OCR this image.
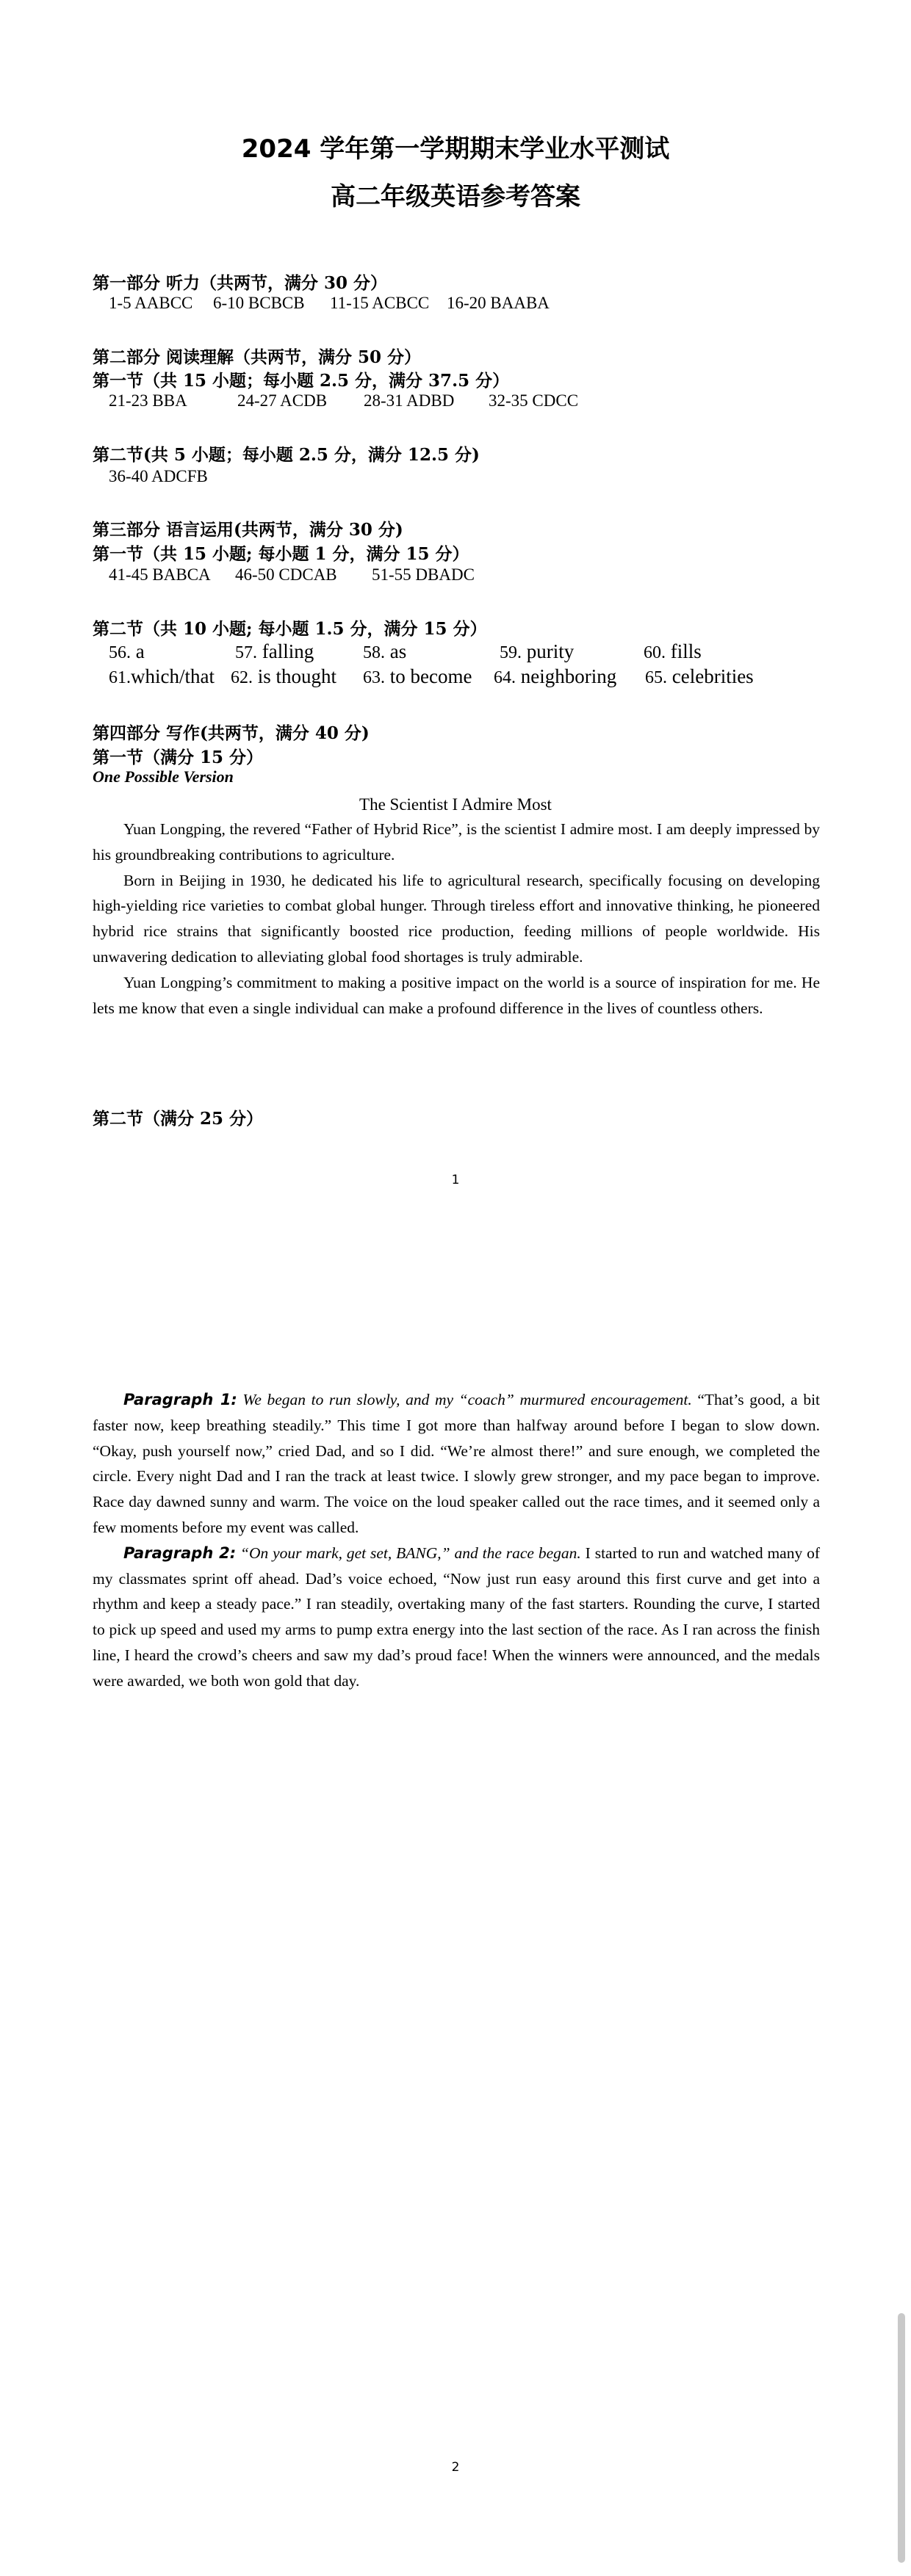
2024 学年第一学期期末学业水平测试
高二年级英语参考答案
第一部分 听力（共两节，满分 30 分）
1-5 AABCC 6-10 BCBCB 11-15 ACBCC 16-20 BAABA
第二部分 阅读理解（共两节，满分 50 分）
第一节（共 15 小题；每小题 2.5 分，满分 37.5 分）
21-23 BBA	24-27 ACDB 28-31 ADBD 32-35 CDCC
第二节(共 5 小题；每小题 2.5 分，满分 12.5 分)
36-40 ADCFB
第三部分 语言运用(共两节，满分 30 分)
第一节（共 15 小题; 每小题 1 分，满分 15 分）
41-45 BABCA 46-50 CDCAB 51-55 DBADC
第二节（共 10 小题; 每小题 1.5 分，满分 15 分）
56. a	57. falling	58. as	59. purity	60. fills
61.which/that 62. is thought 63. to become 64. neighboring 65. celebrities
第四部分 写作(共两节，满分 40 分)
第一节（满分 15 分）
One Possible Version
The Scientist I Admire Most

Yuan Longping, the revered “Father of Hybrid Rice”, is the scientist I admire most. I am deeply impressed by his groundbreaking contributions to agriculture.

Born in Beijing in 1930, he dedicated his life to agricultural research, specifically focusing on developing high-yielding rice varieties to combat global hunger. Through tireless effort and innovative thinking, he pioneered hybrid rice strains that significantly boosted rice production, feeding millions of people worldwide. His unwavering dedication to alleviating global food shortages is truly admirable.

Yuan Longping’s commitment to making a positive impact on the world is a source of inspiration for me. He lets me know that even a single individual can make a profound difference in the lives of countless others.

第二节（满分 25 分）
1

Paragraph 1: We began to run slowly, and my “coach” murmured encouragement. “That’s good, a bit faster now, keep breathing steadily.” This time I got more than halfway around before I began to slow down. “Okay, push yourself now,” cried Dad, and so I did. “We’re almost there!” and sure enough, we completed the circle. Every night Dad and I ran the track at least twice. I slowly grew stronger, and my pace began to improve. Race day dawned sunny and warm. The voice on the loud speaker called out the race times, and it seemed only a few moments before my event was called.

Paragraph 2: “On your mark, get set, BANG,” and the race began. I started to run and watched many of my classmates sprint off ahead. Dad’s voice echoed, “Now just run easy around this first curve and get into a rhythm and keep a steady pace.” I ran steadily, overtaking many of the fast starters. Rounding the curve, I started to pick up speed and used my arms to pump extra energy into the last section of the race. As I ran across the finish line, I heard the crowd’s cheers and saw my dad’s proud face! When the winners were announced, and the medals were awarded, we both won gold that day.

2
